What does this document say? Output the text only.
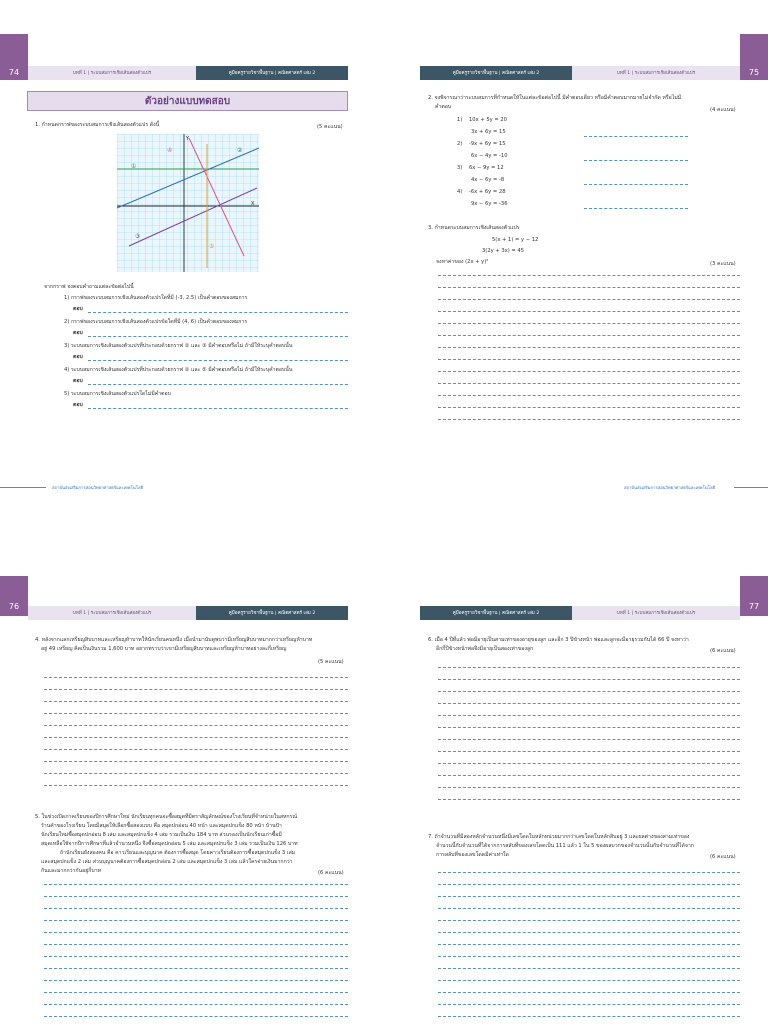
74	บทที่ 1 | ระบบสมการเชิงเส้นสองตัวแปร	คู่มือครูรายวิชาพื้นฐาน | คณิตศาสตร์ เล่ม 2
ตัวอย่างแบบทดสอบ
1. กำหนดกราฟของระบบสมการเชิงเส้นสองตัวแปร ดังนี้	(5 คะแนน)
X
Y
①
②
③
④
⑤
จากกราฟ จงตอบคำถามแต่ละข้อต่อไปนี้
1) กราฟของระบบสมการเชิงเส้นสองตัวแปรใดที่มี (-3, 2.5) เป็นคำตอบของสมการ
ตอบ
2) กราฟของระบบสมการเชิงเส้นสองตัวแปรข้อใดที่มี (4, 6) เป็นคำตอบของสมการ
ตอบ
3) ระบบสมการเชิงเส้นสองตัวแปรที่ประกอบด้วยกราฟ ② และ ③ มีคำตอบหรือไม่ ถ้ามีให้ระบุคำตอบนั้น
ตอบ
4) ระบบสมการเชิงเส้นสองตัวแปรที่ประกอบด้วยกราฟ ② และ ⑤ มีคำตอบหรือไม่ ถ้ามีให้ระบุคำตอบนั้น
ตอบ
5) ระบบสมการเชิงเส้นสองตัวแปรใดไม่มีคำตอบ
ตอบ
สถาบันส่งเสริมการสอนวิทยาศาสตร์และเทคโนโลยี
75
คู่มือครูรายวิชาพื้นฐาน | คณิตศาสตร์ เล่ม 2	บทที่ 1 | ระบบสมการเชิงเส้นสองตัวแปร
2. จงพิจารณาว่าระบบสมการที่กำหนดให้ในแต่ละข้อต่อไปนี้ มีคำตอบเดียว หรือมีคำตอบมากมายไม่จำกัด หรือไม่มี
คำตอบ	(4 คะแนน)
1) 10x + 5y = 20
3x + 6y = 15
2) -9x + 6y = 15
6x − 4y = -10
3) 6x − 9y = 12
4x − 6y = -8
4) -6x + 6y = 28
9x − 6y = -36
3. กำหนดระบบสมการเชิงเส้นสองตัวแปร
5(x + 1) = y − 12
3(2y + 3x) = 45
จงหาค่าของ (2x + y)²	(3 คะแนน)
สถาบันส่งเสริมการสอนวิทยาศาสตร์และเทคโนโลยี
76
บทที่ 1 | ระบบสมการเชิงเส้นสองตัวแปร	คู่มือครูรายวิชาพื้นฐาน | คณิตศาสตร์ เล่ม 2
4. หลังจากแลกเหรียญสิบบาทและเหรียญห้าบาทให้นักเรียนคนหนึ่ง เมื่อนำมานับดูพบว่ามีเหรียญสิบบาทมากกว่าเหรียญห้าบาท
อยู่ 49 เหรียญ คิดเป็นเงินรวม 1,600 บาท อยากทราบว่าเขามีเหรียญสิบบาทและเหรียญห้าบาทอย่างละกี่เหรียญ
(5 คะแนน)
5. ในช่วงเปิดภาคเรียนของปีการศึกษาใหม่ นักเรียนทุกคนจะซื้อสมุดที่มีตราสัญลักษณ์ของโรงเรียนที่จำหน่ายในสหกรณ์
ร้านค้าของโรงเรียน โดยมีสมุดให้เลือกซื้อสองแบบ คือ สมุดปกอ่อน 40 หน้า และสมุดปกแข็ง 80 หน้า บ้านป้า
นักเรียนใหม่ซื้อสมุดปกอ่อน 8 เล่ม และสมุดปกแข็ง 4 เล่ม รวมเป็นเงิน 184 บาท ส่วนรองเป็นนักเรียนเก่าซื้อมี
สมุดเหลือใช้จากปีการศึกษาที่แล้วจำนวนหนึ่ง จึงซื้อสมุดปกอ่อน 5 เล่ม และสมุดปกแข็ง 3 เล่ม รวมเป็นเงิน 126 บาท
ถ้านักเรียนยังสองคน คือ คาวเรียนและบุญนาค ต้องการซื้อสมุด โดยคาวเรียนต้องการซื้อสมุดปกแข็ง 3 เล่ม
และสมุดปกแข็ง 2 เล่ม ส่วนบุญนาคต้องการซื้อสมุดปกอ่อน 2 เล่ม และสมุดปกแข็ง 3 เล่ม แล้วใครจ่ายเงินมากกว่า
กันและมากกว่ากันอยู่กี่บาท	(6 คะแนน)
77
คู่มือครูรายวิชาพื้นฐาน | คณิตศาสตร์ เล่ม 2	บทที่ 1 | ระบบสมการเชิงเส้นสองตัวแปร
6. เมื่อ 4 ปีที่แล้ว พ่อมีอายุเป็นสามเท่าของอายุของลูก และอีก 3 ปีข้างหน้า พ่อและลูกจะมีอายุรวมกันได้ 66 ปี จงหาว่า
อีกกี่ปีข้างหน้าพ่อจึงมีอายุเป็นสองเท่าของลูก	(6 คะแนน)
7. ถ้าจำนวนที่มีสองหลักจำนวนหนึ่งมีเลขโดดในหลักหน่วยมากกว่าเลขโดดในหลักสิบอยู่ 3 และผลต่างของสามเท่าของ
จำนวนนี้กับจำนวนที่ได้จากการสลับที่ของเลขโดดเป็น 111 แล้ว 1 ใน 5 ของผลบวกของจำนวนนั้นกับจำนวนที่ได้จาก
การสลับที่ของเลขโดดมีค่าเท่าใด	(6 คะแนน)
